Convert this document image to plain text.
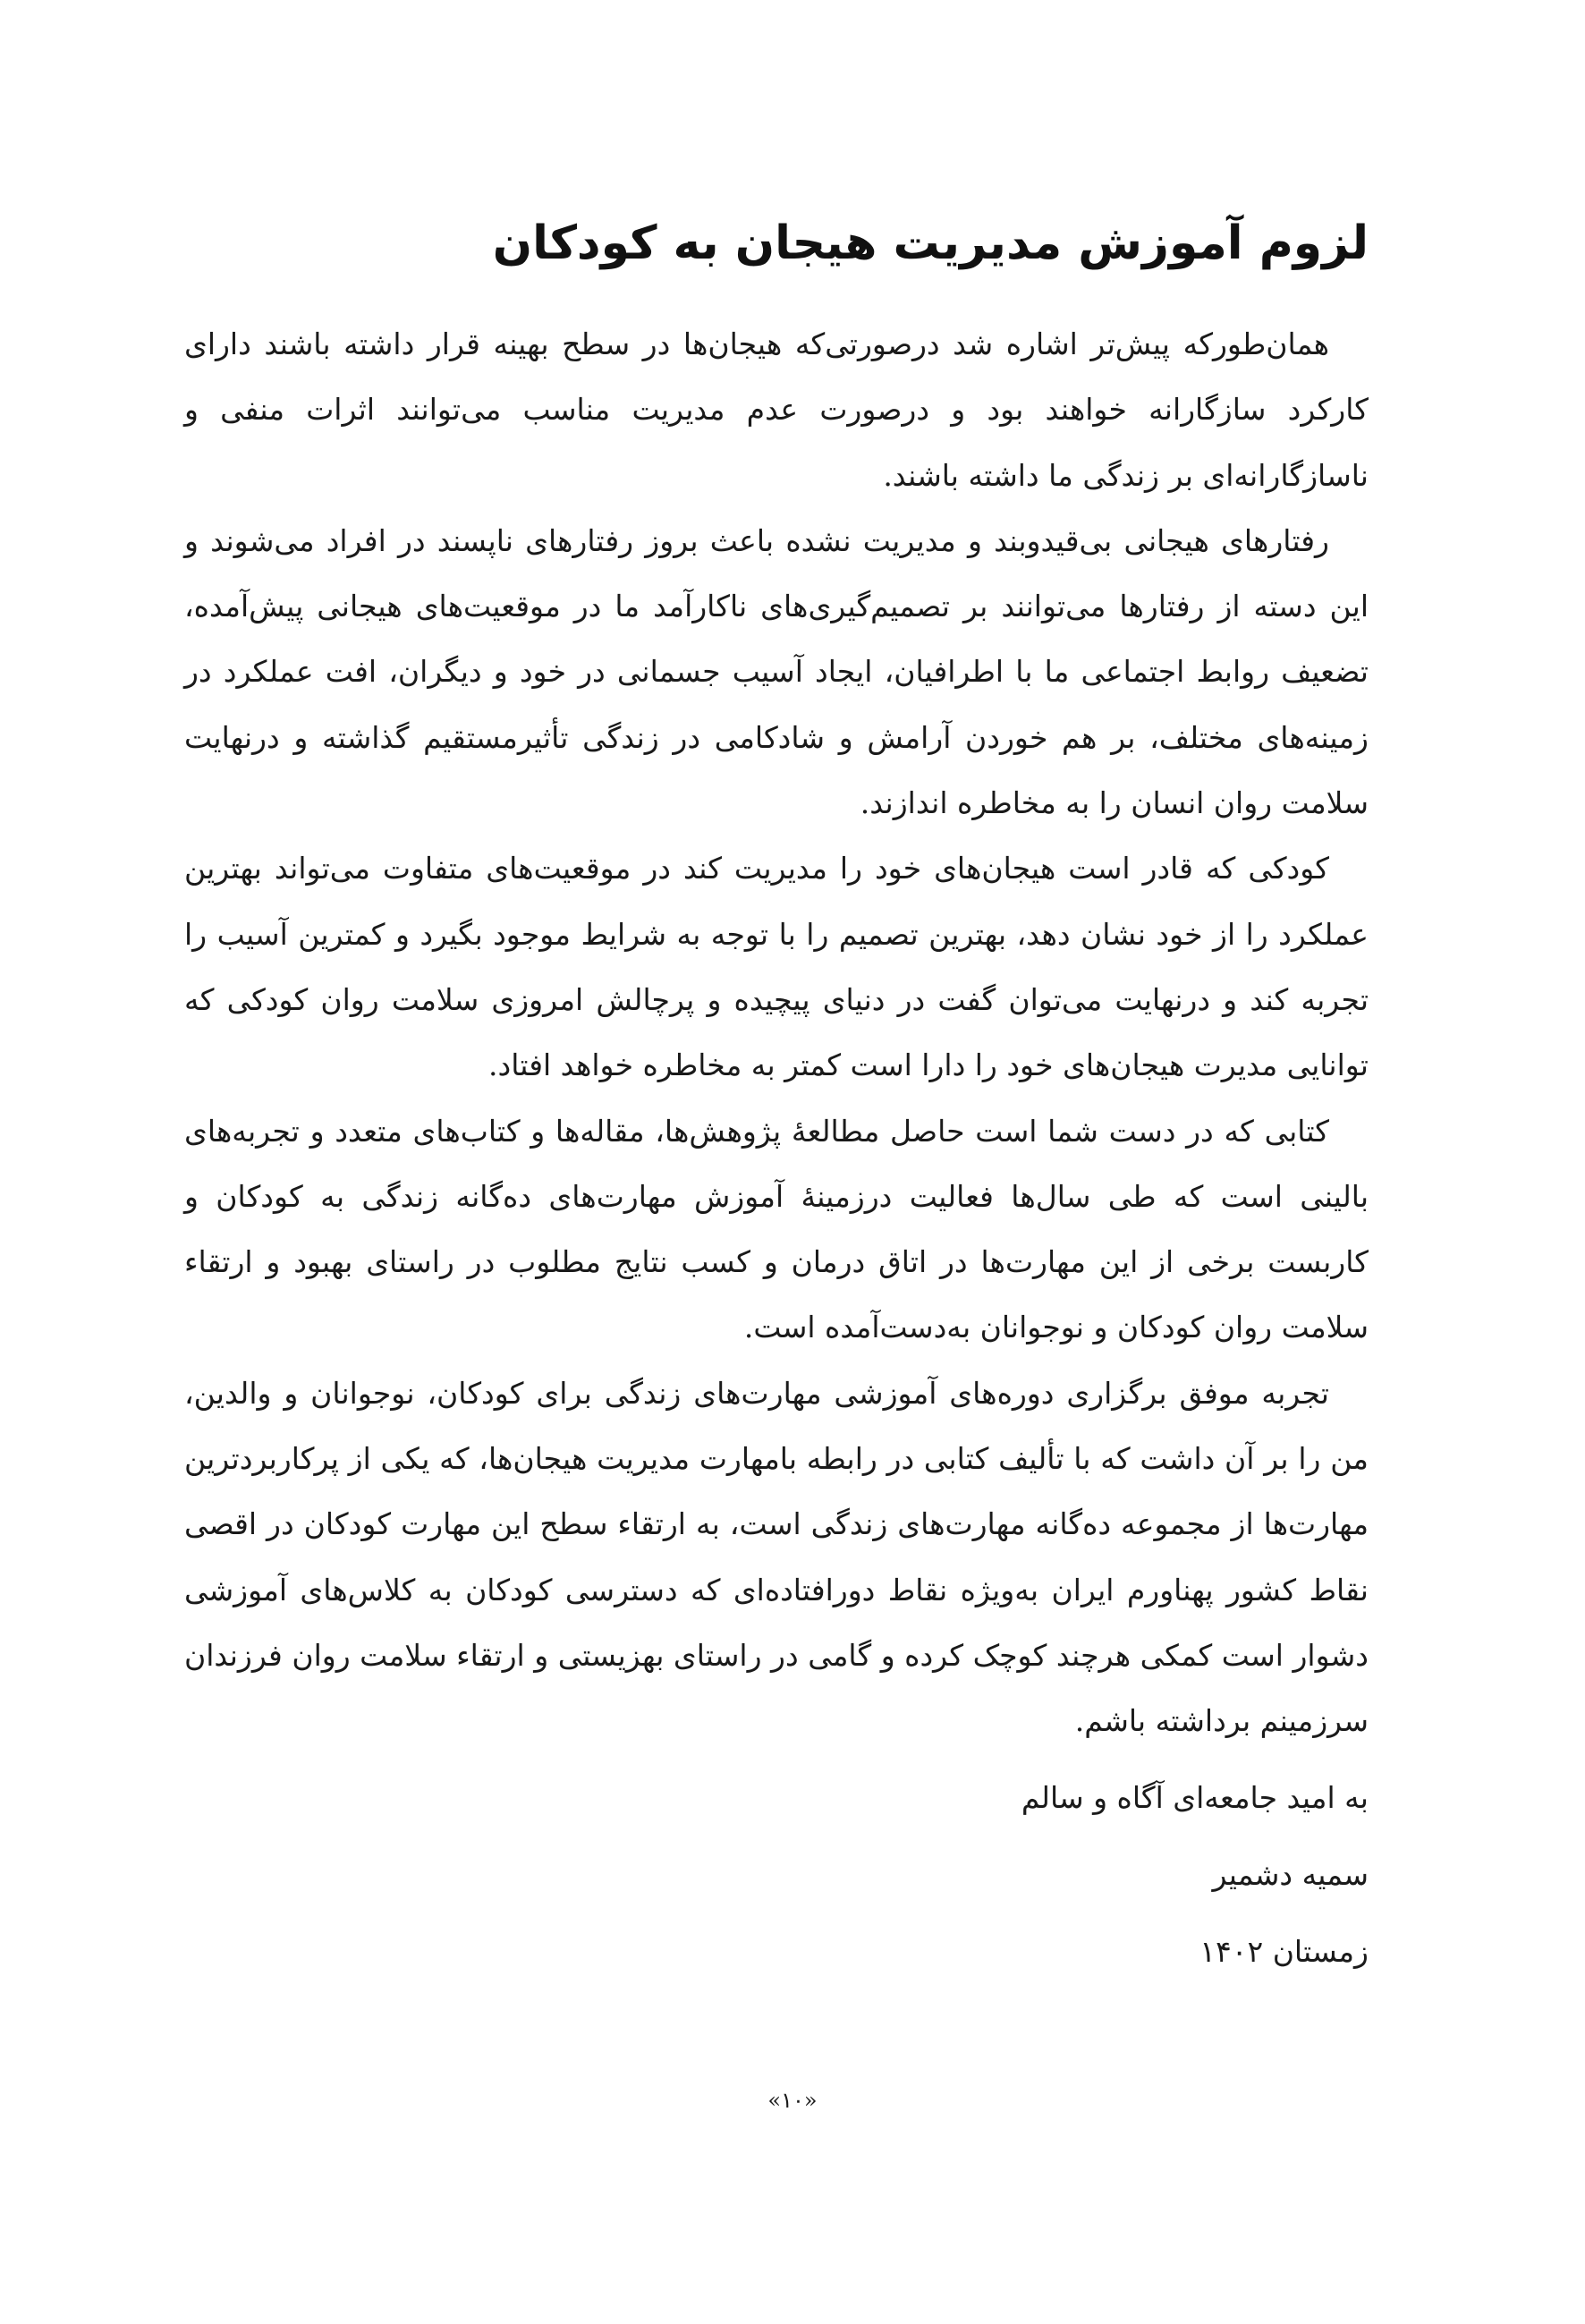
لزوم آموزش مدیریت هیجان به کودکان

همان‌طورکه پیش‌تر اشاره شد درصورتی‌که هیجان‌ها در سطح بهینه قرار داشته باشند دارای کارکرد سازگارانه خواهند بود و درصورت عدم مدیریت مناسب می‌توانند اثرات منفی و ناسازگارانه‌ای بر زندگی ما داشته باشند.

رفتارهای هیجانی بی‌قیدوبند و مدیریت نشده باعث بروز رفتارهای ناپسند در افراد می‌شوند و این دسته از رفتارها می‌توانند بر تصمیم‌گیری‌های ناکارآمد ما در موقعیت‌های هیجانی پیش‌آمده، تضعیف روابط اجتماعی ما با اطرافیان، ایجاد آسیب جسمانی در خود و دیگران، افت عملکرد در زمینه‌های مختلف، بر هم خوردن آرامش و شادکامی در زندگی تأثیرمستقیم گذاشته و درنهایت سلامت روان انسان را به مخاطره اندازند.

کودکی که قادر است هیجان‌های خود را مدیریت کند در موقعیت‌های متفاوت می‌تواند بهترین عملکرد را از خود نشان دهد، بهترین تصمیم را با توجه به شرایط موجود بگیرد و کمترین آسیب را تجربه کند و درنهایت می‌توان گفت در دنیای پیچیده و پرچالش امروزی سلامت روان کودکی که توانایی مدیرت هیجان‌های خود را دارا است کمتر به مخاطره خواهد افتاد.

کتابی که در دست شما است حاصل مطالعۀ پژوهش‌ها، مقاله‌ها و کتاب‌های متعدد و تجربه‌های بالینی است که طی سال‌ها فعالیت درزمینۀ آموزش مهارت‌های ده‌گانه زندگی به کودکان و کاربست برخی از این مهارت‌ها در اتاق درمان و کسب نتایج مطلوب در راستای بهبود و ارتقاء سلامت روان کودکان و نوجوانان به‌دست‌آمده است.

تجربه موفق برگزاری دوره‌های آموزشی مهارت‌های زندگی برای کودکان، نوجوانان و والدین، من را بر آن داشت که با تألیف کتابی در رابطه بامهارت مدیریت هیجان‌ها، که یکی از پرکاربردترین مهارت‌ها از مجموعه ده‌گانه مهارت‌های زندگی است، به ارتقاء سطح این مهارت کودکان در اقصی نقاط کشور پهناورم ایران به‌ویژه نقاط دورافتاده‌ای که دسترسی کودکان به کلاس‌های آموزشی دشوار است کمکی هرچند کوچک کرده و گامی در راستای بهزیستی و ارتقاء سلامت روان فرزندان سرزمینم برداشته باشم.

به امید جامعه‌ای آگاه و سالم

سمیه دشمیر

زمستان ۱۴۰۲

«۱۰»
